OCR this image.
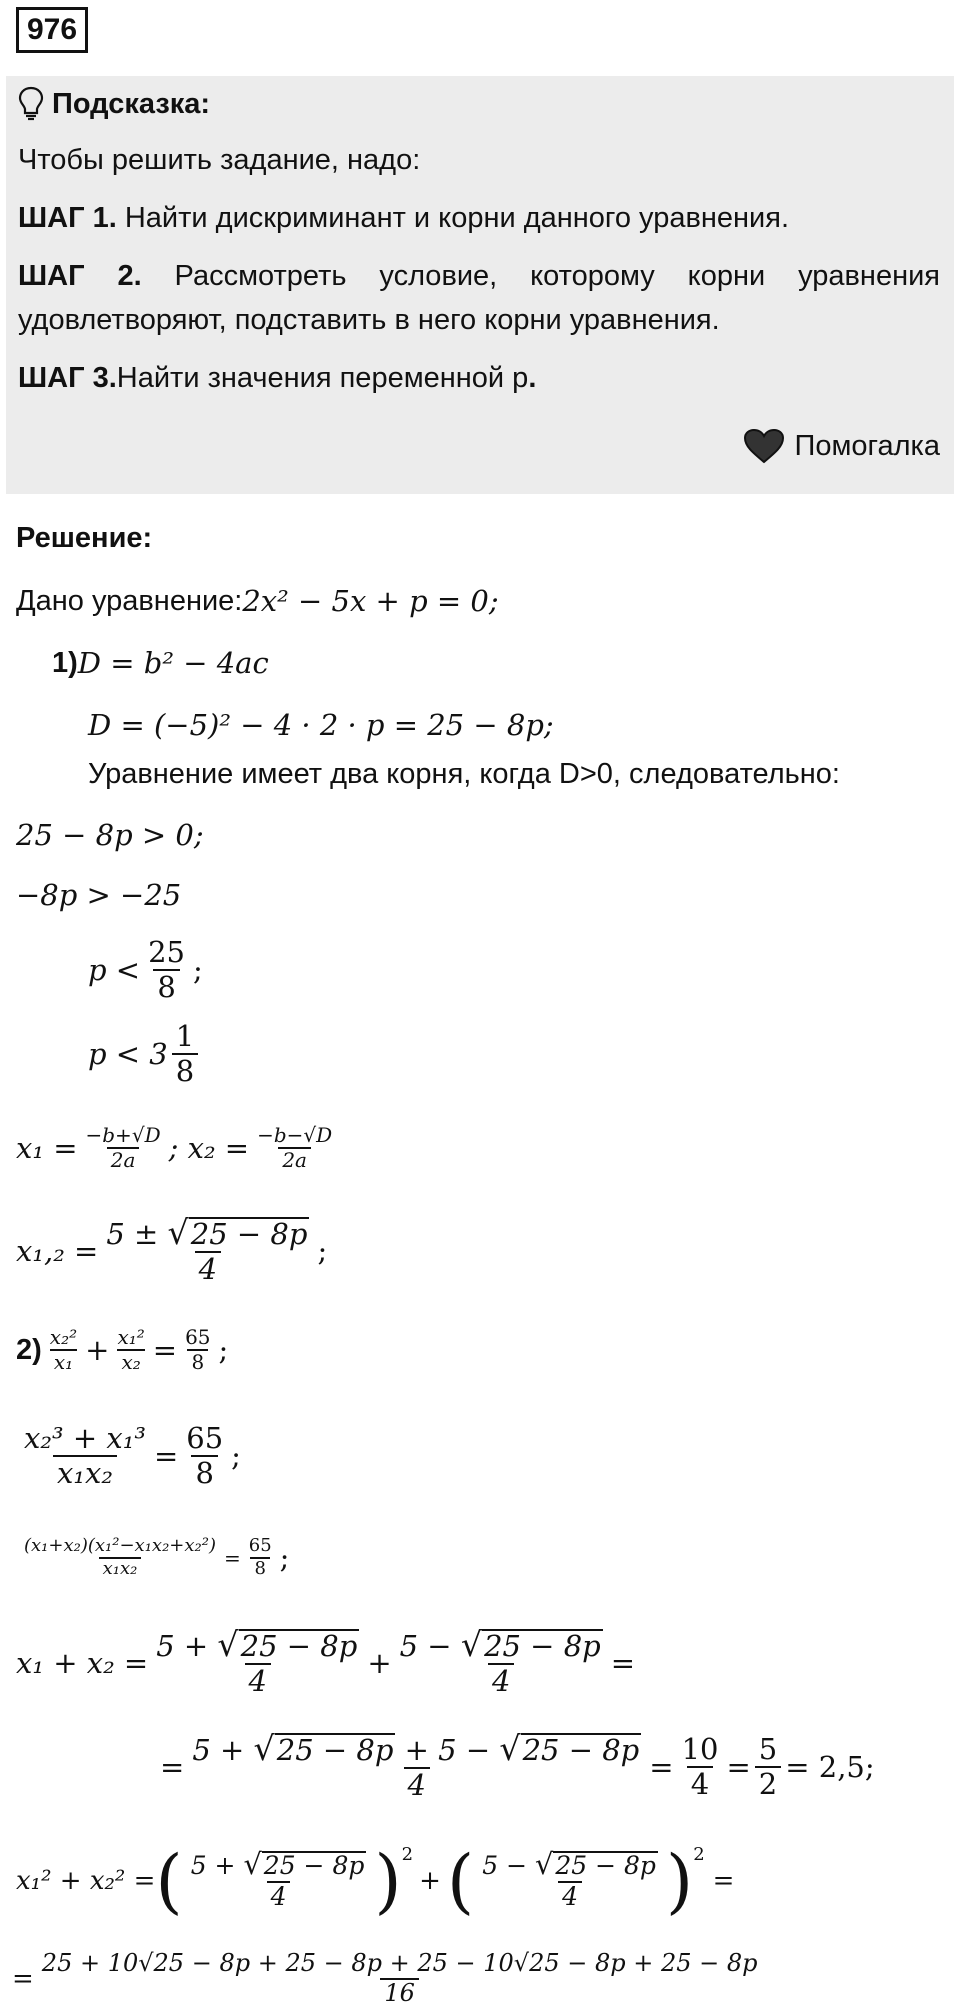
976
Подсказка:
Чтобы решить задание, надо:
ШАГ 1. Найти дискриминант и корни данного уравнения.
ШАГ 2. Рассмотреть условие, которому корни уравнения удовлетворяют, подставить в него корни уравнения.
ШАГ 3.Найти значения переменной р.
Помогалка
Решение:
Дано уравнение: 2x² − 5x + p = 0;
1) D = b² − 4ac
D = (−5)² − 4 · 2 · p = 25 − 8p;
Уравнение имеет два корня, когда D>0, следовательно:
25 − 8p > 0;
−8p > −25
$p < \frac{25}{8}$ ;
$p < 3 \frac{1}{8}$
$x_1 = \frac{-b+√D}{2a}$ ; $x_2 = \frac{-b-√D}{2a}$
$x_1,_2 = \frac{5 \pm √ 25 - 8p}{4}$ ;
$2) \frac{\text{x₂²}}{\text{x₁}} + \frac{\text{x₁²}}{\text{x₂}} = \frac{65}{8}$ ;
$\frac{\text{x₂³ + x₁³}}{\text{x₁x₂}} = \frac{65}{8}$ ;
$\frac{\text{(x₁+x₂)(x₁²−x₁x₂+x₂²)}}{\text{x₁x₂}} = \frac{65}{8}$ ;
$x_1 + x_2 = \frac{5 + √ 25 - 8p}{4} + \frac{5 - √ 25 - 8p}{4}$ =
= $\frac{5 + √ 25 - 8p + 5 - √ 25 - 8p}{4} = \frac{10}{4} = \frac{5}{2} = 2,5$;
x₁² + x₂² = ( $\frac{5 + √ 25 - 8p}{4}$ ) 2
+ ( $\frac{5 - √ 25 - 8p}{4}$ ) 2
=
= $\frac{25 + 10√25 - 8p + 25 - 8p + 25 - 10√25 - 8p + 25 - 8p}{16}$
